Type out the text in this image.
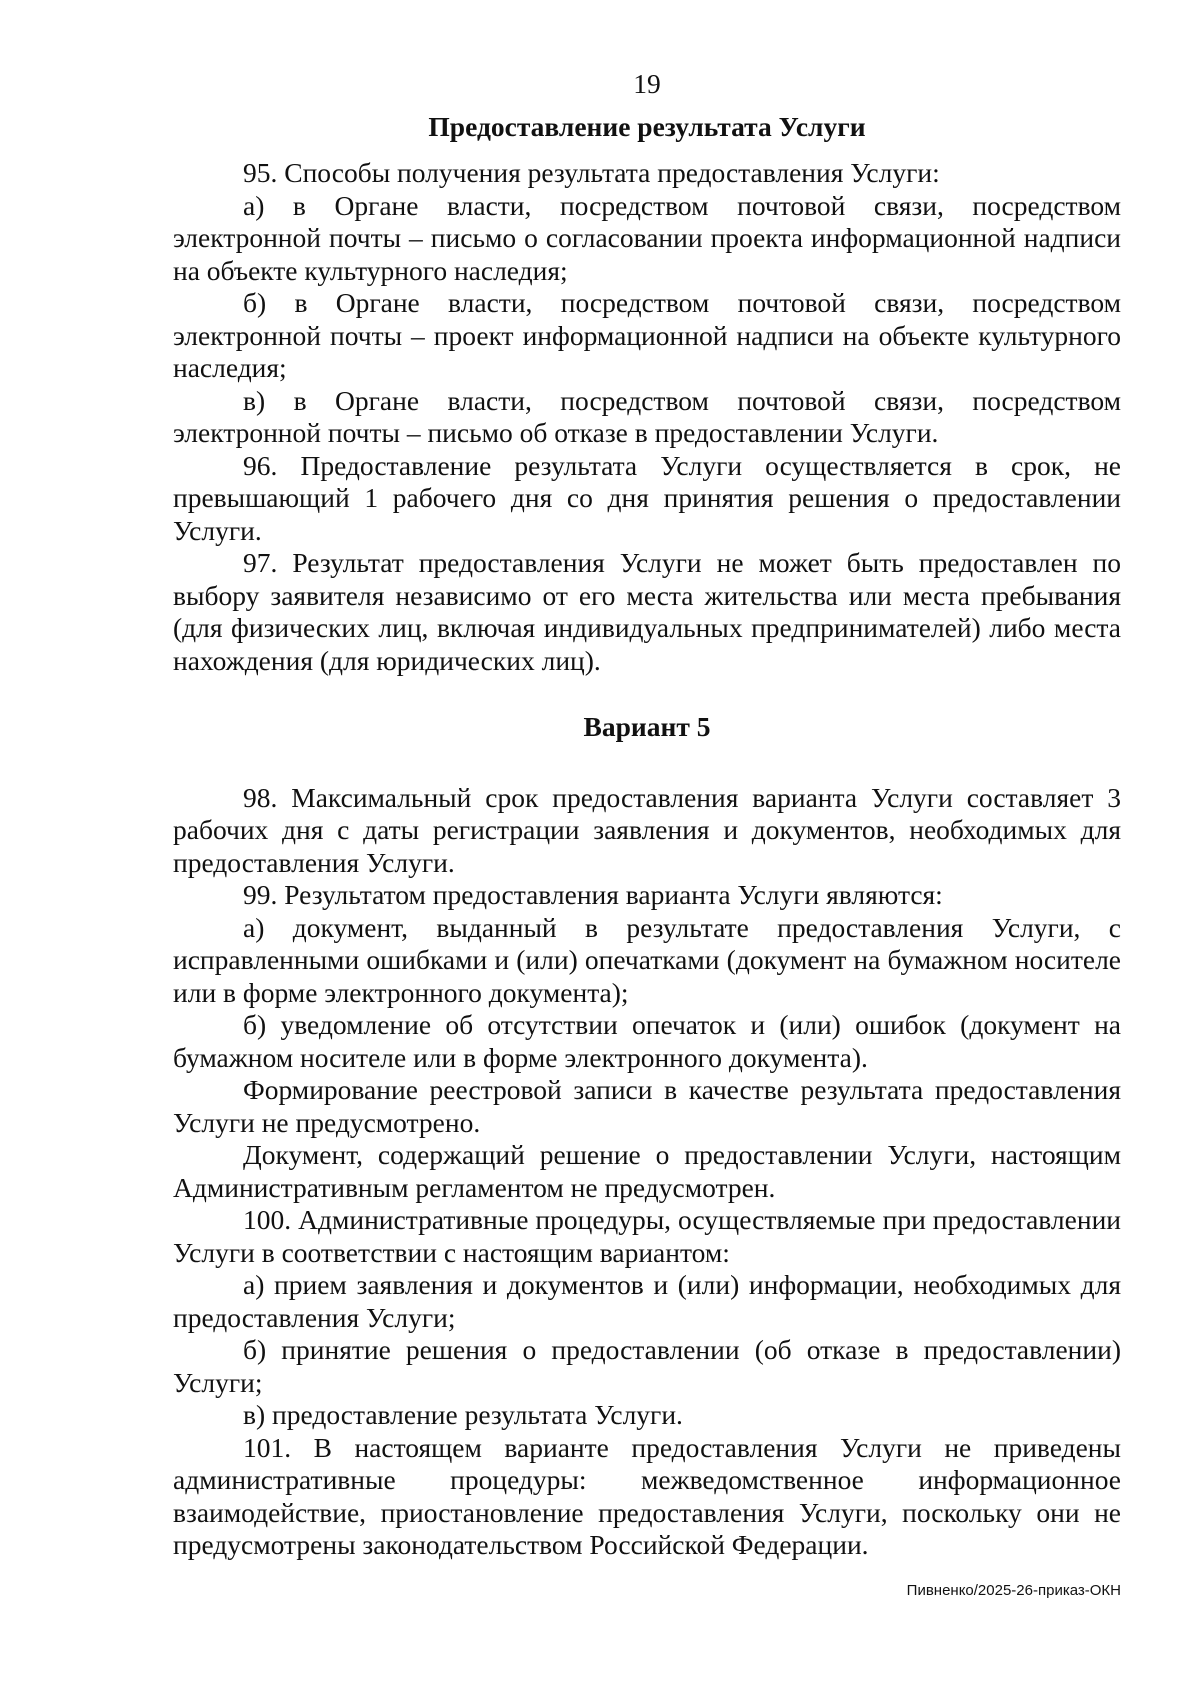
19
Предоставление результата Услуги

95. Способы получения результата предоставления Услуги:

а) в Органе власти, посредством почтовой связи, посредством электронной почты – письмо о согласовании проекта информационной надписи на объекте культурного наследия;

б) в Органе власти, посредством почтовой связи, посредством электронной почты – проект информационной надписи на объекте культурного наследия;

в) в Органе власти, посредством почтовой связи, посредством электронной почты – письмо об отказе в предоставлении Услуги.

96. Предоставление результата Услуги осуществляется в срок, не превышающий 1 рабочего дня со дня принятия решения о предоставлении Услуги.

97. Результат предоставления Услуги не может быть предоставлен по выбору заявителя независимо от его места жительства или места пребывания (для физических лиц, включая индивидуальных предпринимателей) либо места нахождения (для юридических лиц).

Вариант 5

98. Максимальный срок предоставления варианта Услуги составляет 3 рабочих дня с даты регистрации заявления и документов, необходимых для предоставления Услуги.

99. Результатом предоставления варианта Услуги являются:

а) документ, выданный в результате предоставления Услуги, с исправленными ошибками и (или) опечатками (документ на бумажном носителе или в форме электронного документа);

б) уведомление об отсутствии опечаток и (или) ошибок (документ на бумажном носителе или в форме электронного документа).

Формирование реестровой записи в качестве результата предоставления Услуги не предусмотрено.

Документ, содержащий решение о предоставлении Услуги, настоящим Административным регламентом не предусмотрен.

100. Административные процедуры, осуществляемые при предоставлении Услуги в соответствии с настоящим вариантом:

а) прием заявления и документов и (или) информации, необходимых для предоставления Услуги;

б) принятие решения о предоставлении (об отказе в предоставлении) Услуги;

в) предоставление результата Услуги.

101. В настоящем варианте предоставления Услуги не приведены административные процедуры: межведомственное информационное взаимодействие, приостановление предоставления Услуги, поскольку они не предусмотрены законодательством Российской Федерации.

Пивненко/2025-26-приказ-ОКН
